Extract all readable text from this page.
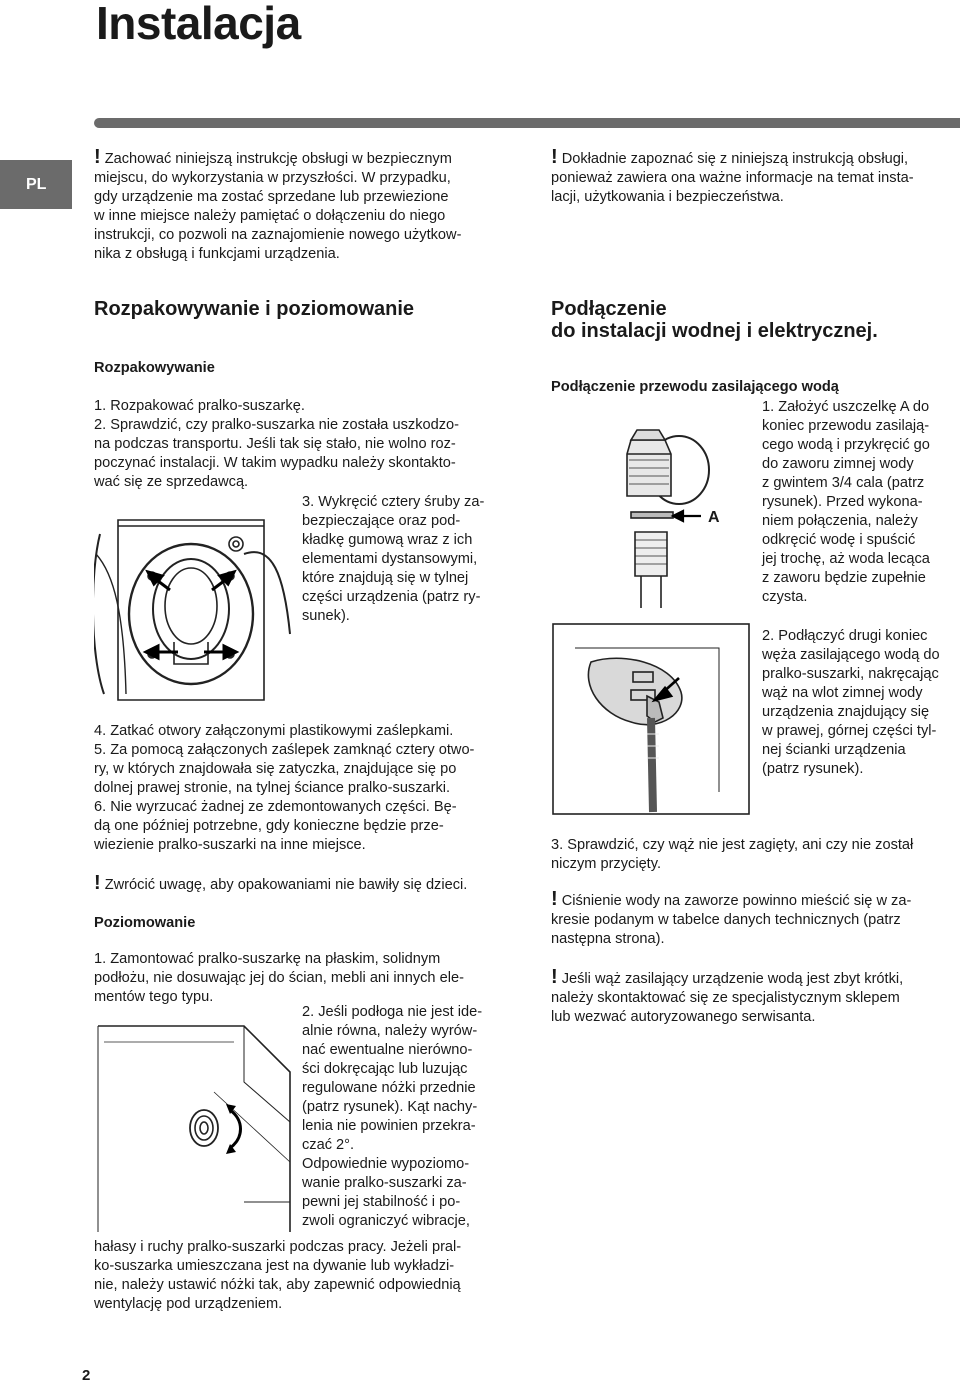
Instalacja
PL
! Zachować niniejszą instrukcję obsługi w bezpiecznym
miejscu, do wykorzystania w przyszłości. W przypadku,
gdy urządzenie ma zostać sprzedane lub przewiezione
w inne miejsce należy pamiętać o dołączeniu do niego
instrukcji, co pozwoli na zaznajomienie nowego użytkow-
nika z obsługą i funkcjami urządzenia.
Rozpakowywanie i poziomowanie
Rozpakowywanie
1. Rozpakować pralko-suszarkę.
2. Sprawdzić, czy pralko-suszarka nie została uszkodzo-
na podczas transportu. Jeśli tak się stało, nie wolno roz-
poczynać instalacji. W takim wypadku należy skontakto-
wać się ze sprzedawcą.
3. Wykręcić cztery śruby za-
bezpieczające oraz pod-
kładkę gumową wraz z ich
elementami dystansowymi,
które znajdują się w tylnej
części urządzenia (patrz ry-
sunek).
4. Zatkać otwory załączonymi plastikowymi zaślepkami.
5. Za pomocą załączonych zaślepek zamknąć cztery otwo-
ry, w których znajdowała się zatyczka, znajdujące się po
dolnej prawej stronie, na tylnej ściance pralko-suszarki.
6. Nie wyrzucać żadnej ze zdemontowanych części. Bę-
dą one później potrzebne, gdy konieczne będzie prze-
wiezienie pralko-suszarki na inne miejsce.
! Zwrócić uwagę, aby opakowaniami nie bawiły się dzieci.
Poziomowanie
1. Zamontować pralko-suszarkę na płaskim, solidnym
podłożu, nie dosuwając jej do ścian, mebli ani innych ele-
mentów tego typu.
2. Jeśli podłoga nie jest ide-
alnie równa, należy wyrów-
nać ewentualne nierówno-
ści dokręcając lub luzując
regulowane nóżki przednie
(patrz rysunek). Kąt nachy-
lenia nie powinien przekra-
czać 2°.
Odpowiednie wypoziomo-
wanie pralko-suszarki za-
pewni jej stabilność i po-
zwoli ograniczyć wibracje,
hałasy i ruchy pralko-suszarki podczas pracy. Jeżeli pral-
ko-suszarka umieszczana jest na dywanie lub wykładzi-
nie, należy ustawić nóżki tak, aby zapewnić odpowiednią
wentylację pod urządzeniem.
! Dokładnie zapoznać się z niniejszą instrukcją obsługi,
ponieważ zawiera ona ważne informacje na temat insta-
lacji, użytkowania i bezpieczeństwa.
Podłączenie
do instalacji wodnej i elektrycznej.
Podłączenie przewodu zasilającego wodą
A
1. Założyć uszczelkę A do
koniec przewodu zasilają-
cego wodą i przykręcić go
do zaworu zimnej wody
z gwintem 3/4 cala (patrz
rysunek). Przed wykona-
niem połączenia, należy
odkręcić wodę i spuścić
jej trochę, aż woda lecąca
z zaworu będzie zupełnie
czysta.
2. Podłączyć drugi koniec
węża zasilającego wodą do
pralko-suszarki, nakręcając
wąż na wlot zimnej wody
urządzenia znajdujący się
w prawej, górnej części tyl-
nej ścianki urządzenia
(patrz rysunek).
3. Sprawdzić, czy wąż nie jest zagięty, ani czy nie został
niczym przycięty.
! Ciśnienie wody na zaworze powinno mieścić się w za-
kresie podanym w tabelce danych technicznych (patrz
następna strona).
! Jeśli wąż zasilający urządzenie wodą jest zbyt krótki,
należy skontaktować się ze specjalistycznym sklepem
lub wezwać autoryzowanego serwisanta.
2
